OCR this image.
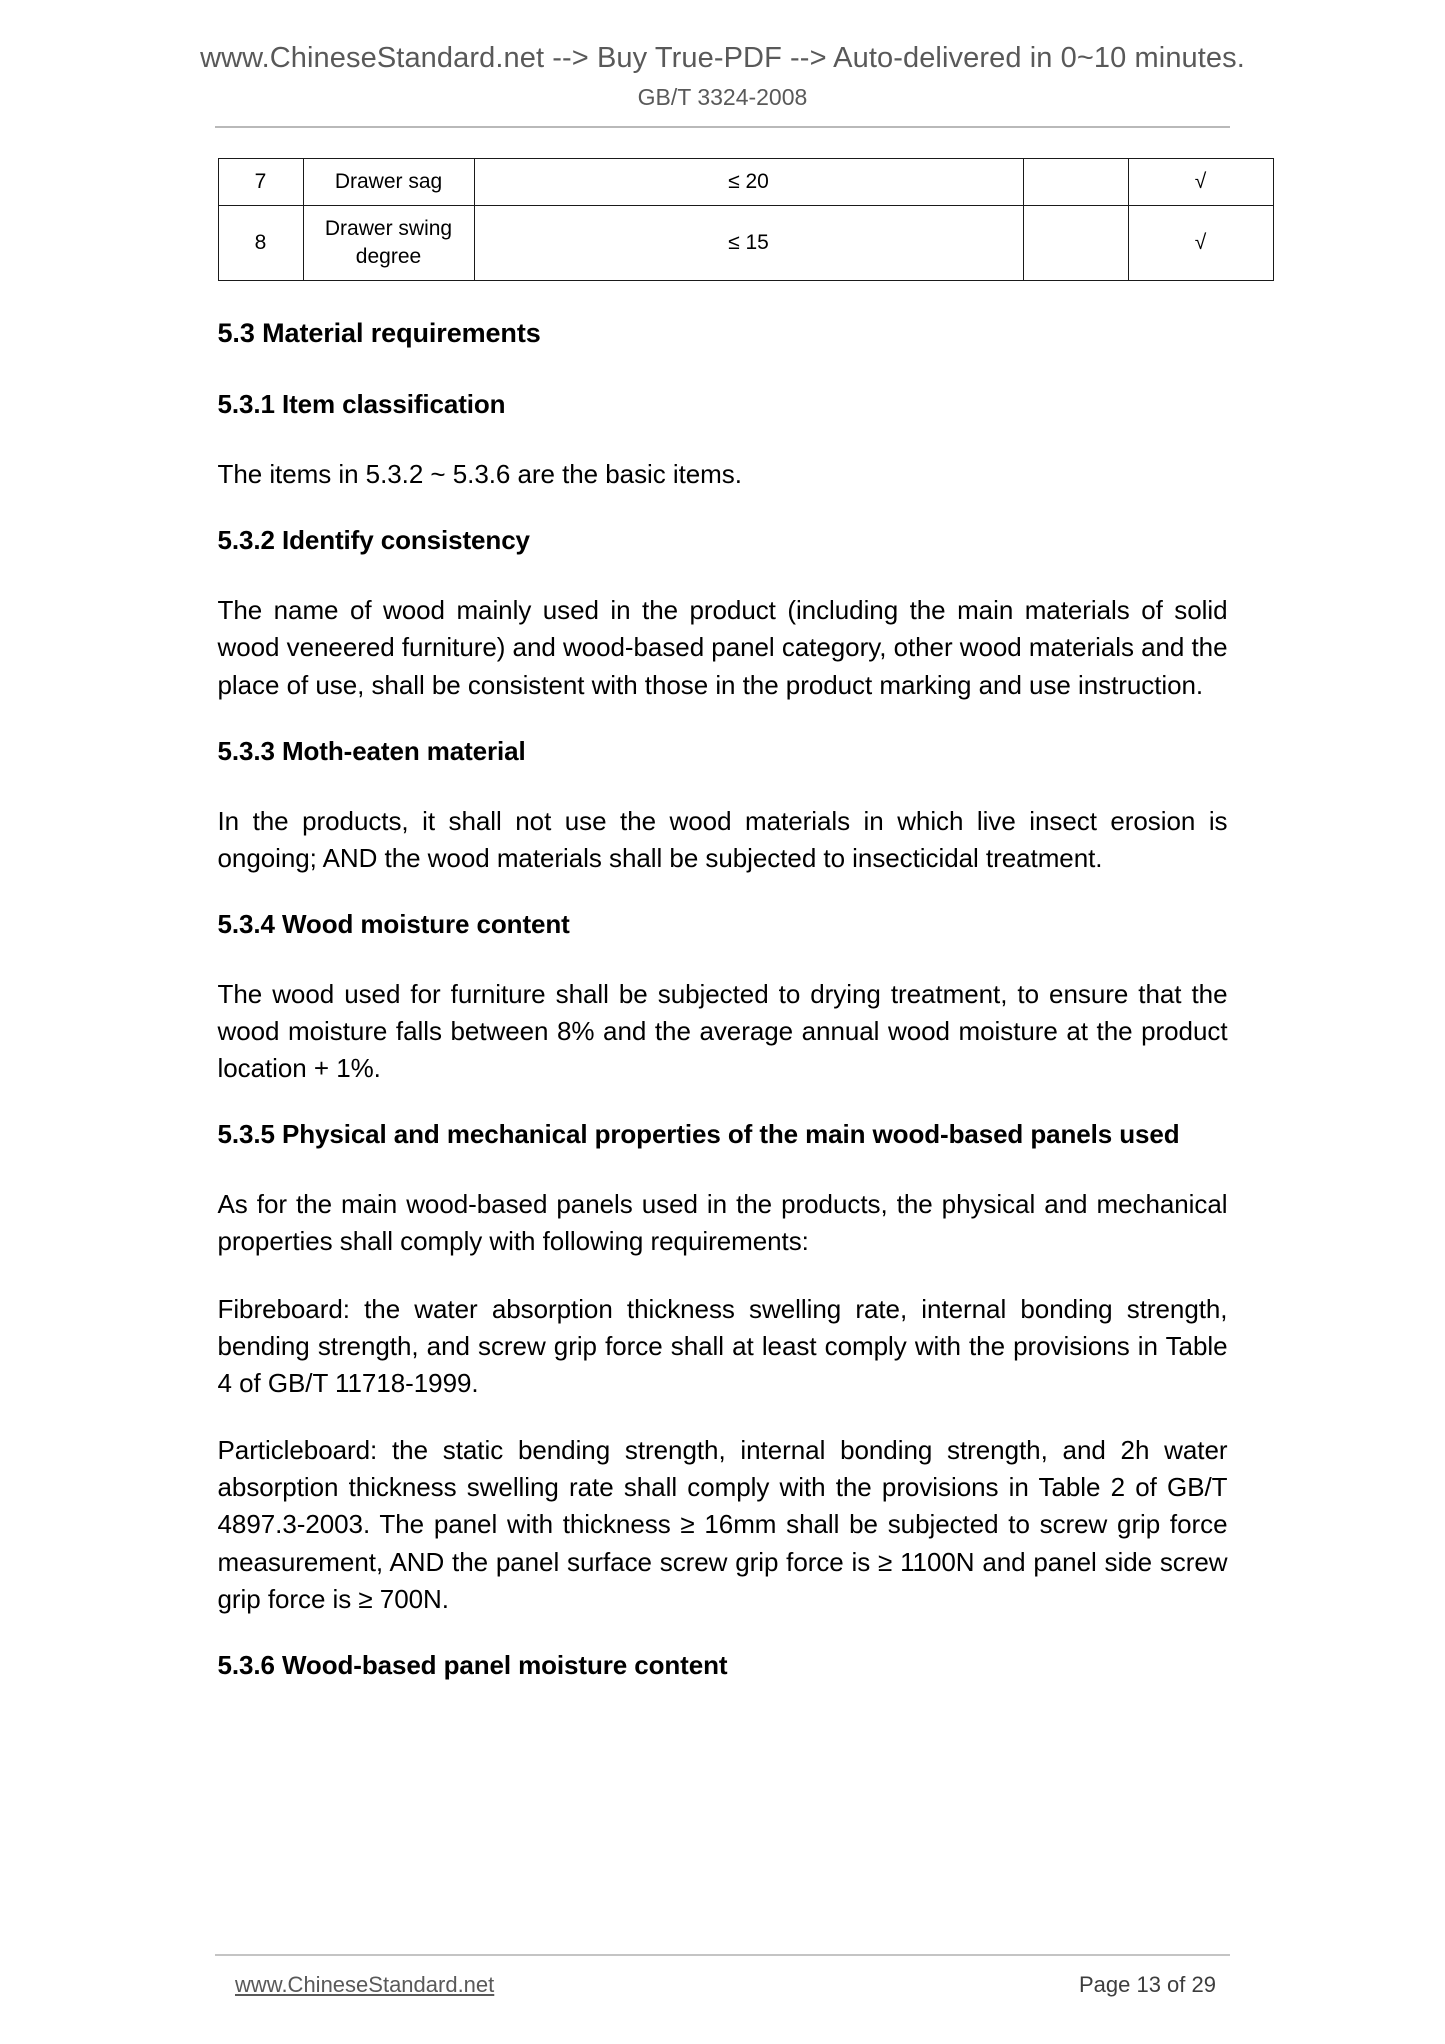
www.ChineseStandard.net --> Buy True-PDF --> Auto-delivered in 0~10 minutes.
GB/T 3324-2008
7	Drawer sag	≤ 20		√
8	Drawer swing degree	≤ 15		√
5.3 Material requirements
5.3.1 Item classification

The items in 5.3.2 ~ 5.3.6 are the basic items.

5.3.2 Identify consistency

The name of wood mainly used in the product (including the main materials of solid wood veneered furniture) and wood-based panel category, other wood materials and the place of use, shall be consistent with those in the product marking and use instruction.

5.3.3 Moth-eaten material

In the products, it shall not use the wood materials in which live insect erosion is ongoing; AND the wood materials shall be subjected to insecticidal treatment.

5.3.4 Wood moisture content

The wood used for furniture shall be subjected to drying treatment, to ensure that the wood moisture falls between 8% and the average annual wood moisture at the product location + 1%.

5.3.5 Physical and mechanical properties of the main wood-based panels used

As for the main wood-based panels used in the products, the physical and mechanical properties shall comply with following requirements:

Fibreboard: the water absorption thickness swelling rate, internal bonding strength, bending strength, and screw grip force shall at least comply with the provisions in Table 4 of GB/T 11718-1999.

Particleboard: the static bending strength, internal bonding strength, and 2h water absorption thickness swelling rate shall comply with the provisions in Table 2 of GB/T 4897.3-2003. The panel with thickness ≥ 16mm shall be subjected to screw grip force measurement, AND the panel surface screw grip force is ≥ 1100N and panel side screw grip force is ≥ 700N.

5.3.6 Wood-based panel moisture content
www.ChineseStandard.net	Page 13 of 29
